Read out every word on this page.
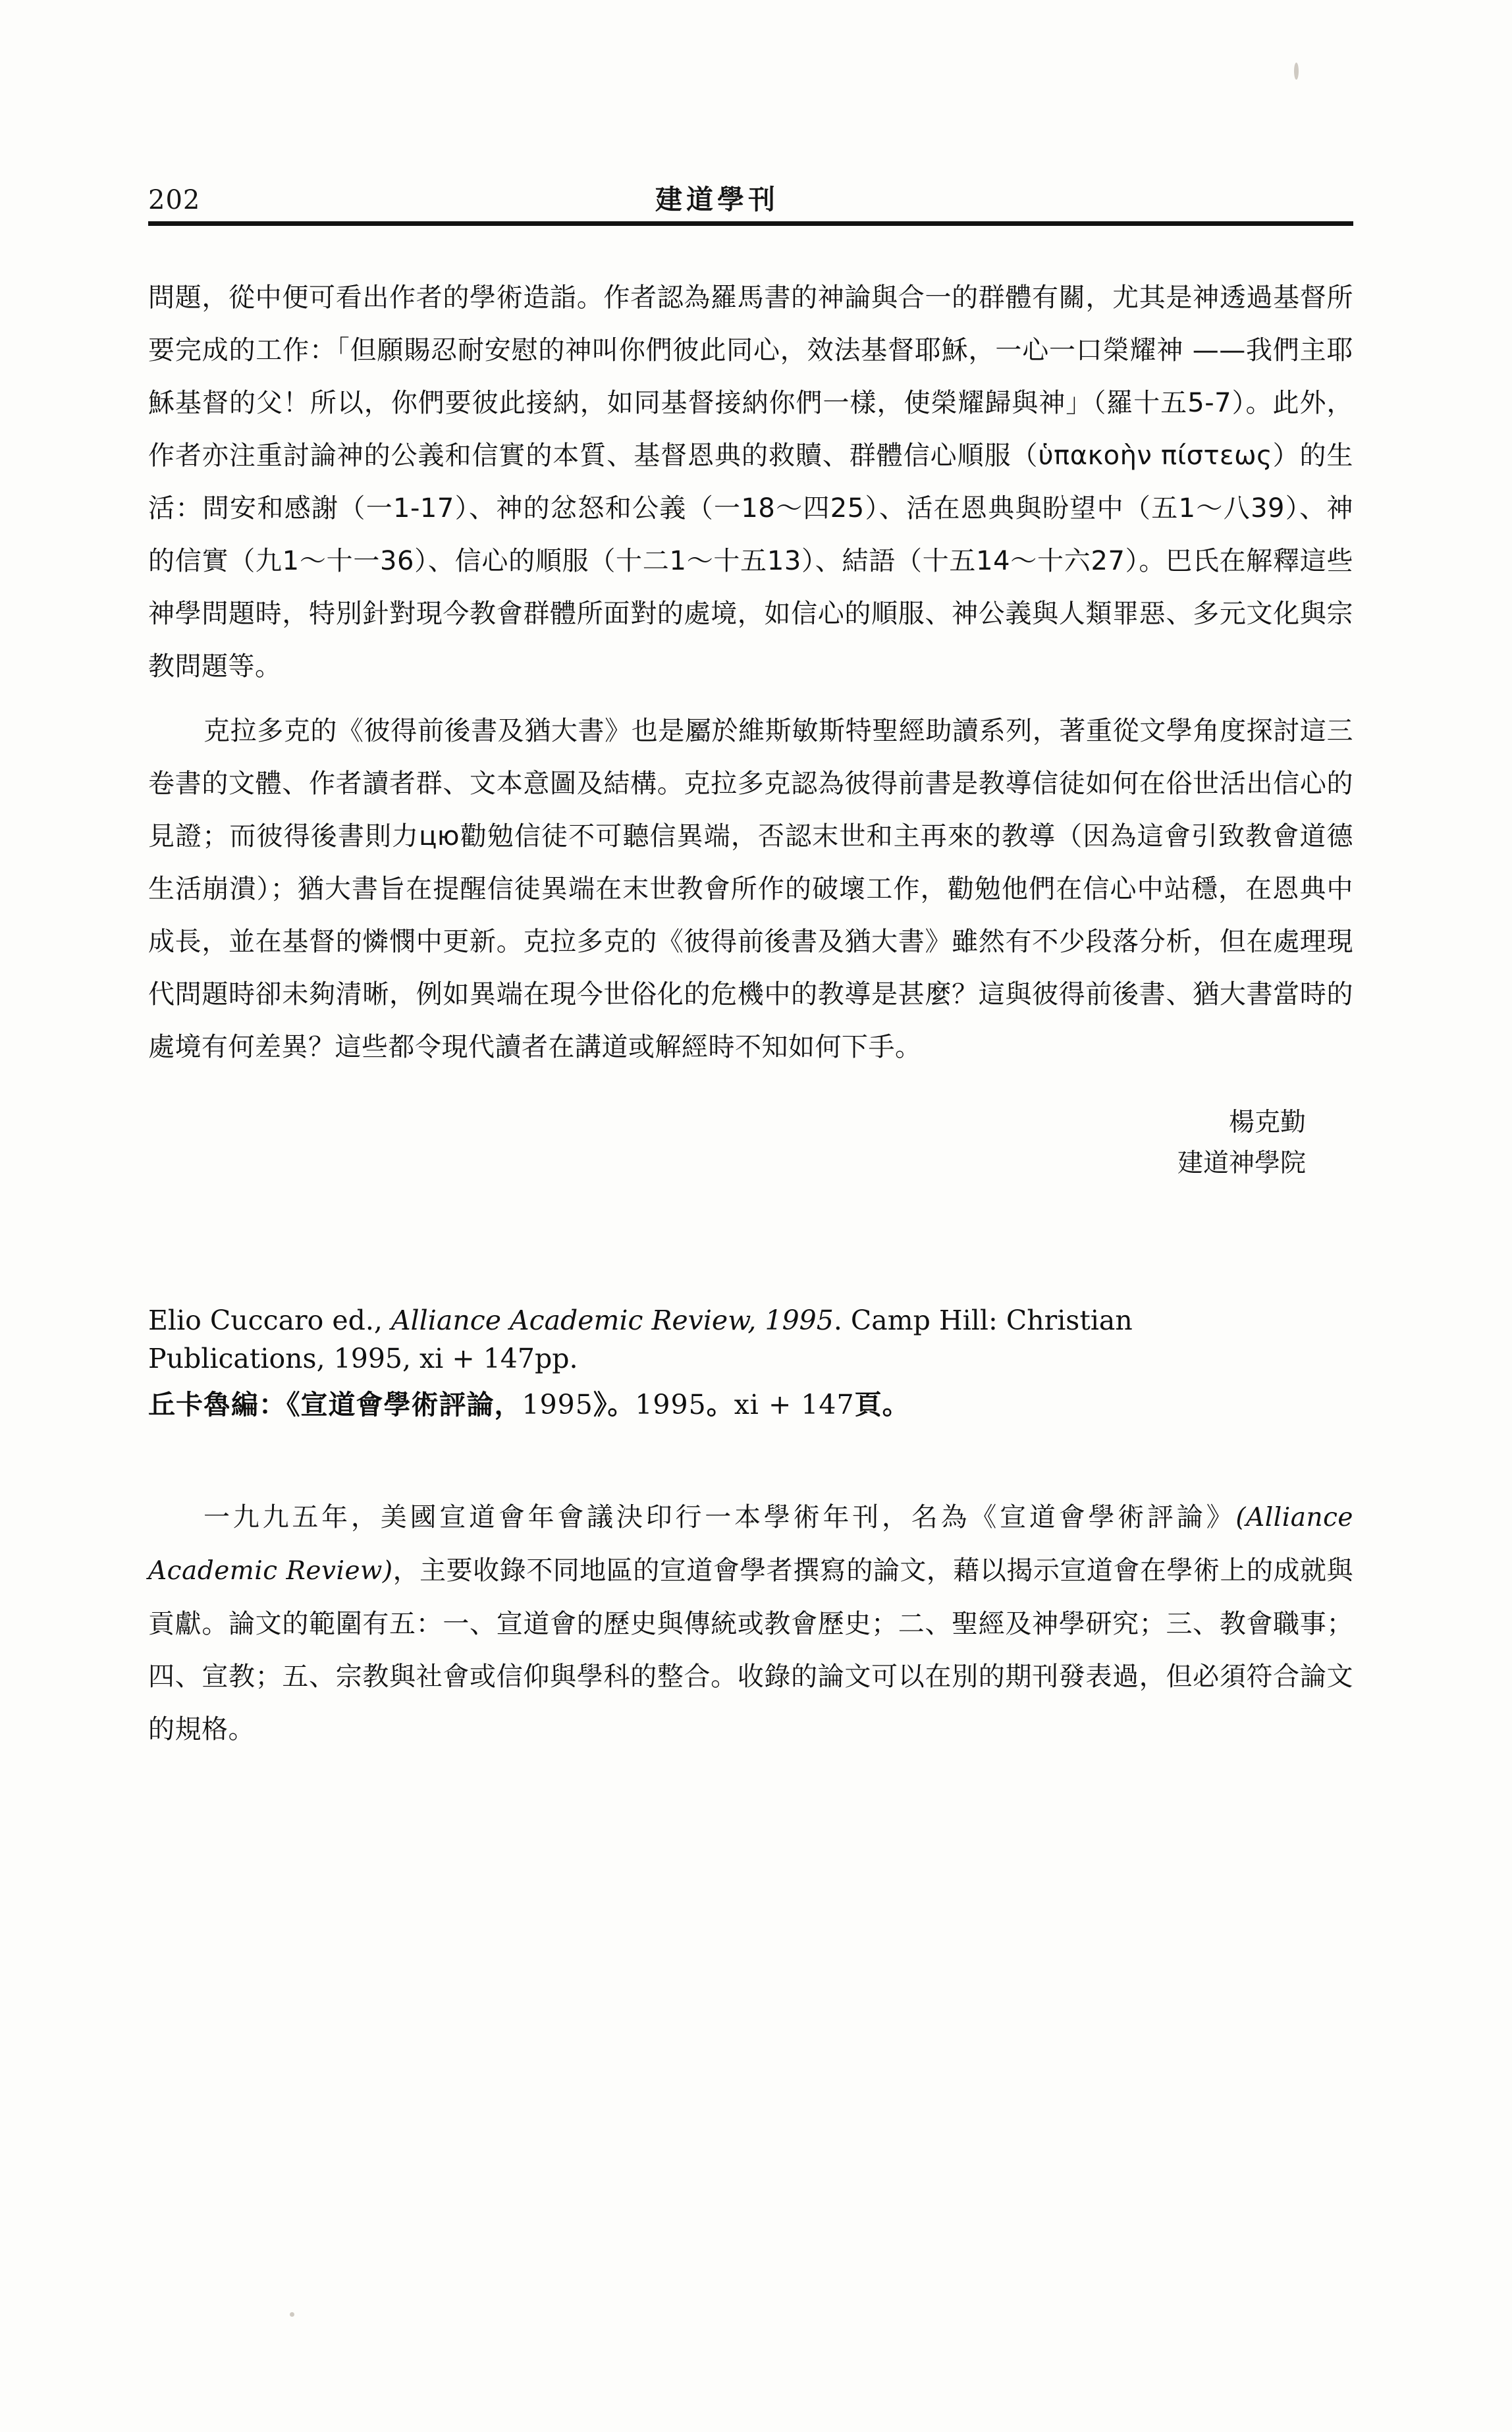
202	建道學刊

問題，從中便可看出作者的學術造詣。作者認為羅馬書的神論與合一的群體有關，尤其是神透過基督所要完成的工作：「但願賜忍耐安慰的神叫你們彼此同心，效法基督耶穌，一心一口榮耀神 ——我們主耶穌基督的父！所以，你們要彼此接納，如同基督接納你們一樣，使榮耀歸與神」（羅十五5-7）。此外，作者亦注重討論神的公義和信實的本質、基督恩典的救贖、群體信心順服（ὑπακοὴν πίστεως）的生活：問安和感謝（一1-17）、神的忿怒和公義（一18～四25）、活在恩典與盼望中（五1～八39）、神的信實（九1～十一36）、信心的順服（十二1～十五13）、結語（十五14～十六27）。巴氏在解釋這些神學問題時，特別針對現今教會群體所面對的處境，如信心的順服、神公義與人類罪惡、多元文化與宗教問題等。

克拉多克的《彼得前後書及猶大書》也是屬於維斯敏斯特聖經助讀系列，著重從文學角度探討這三卷書的文體、作者讀者群、文本意圖及結構。克拉多克認為彼得前書是教導信徒如何在俗世活出信心的見證；而彼得後書則力цю勸勉信徒不可聽信異端，否認末世和主再來的教導（因為這會引致教會道德生活崩潰）；猶大書旨在提醒信徒異端在末世教會所作的破壞工作，勸勉他們在信心中站穩，在恩典中成長，並在基督的憐憫中更新。克拉多克的《彼得前後書及猶大書》雖然有不少段落分析，但在處理現代問題時卻未夠清晰，例如異端在現今世俗化的危機中的教導是甚麼？這與彼得前後書、猶大書當時的處境有何差異？這些都令現代讀者在講道或解經時不知如何下手。

楊克勤
建道神學院
Elio Cuccaro ed., Alliance Academic Review, 1995. Camp Hill: Christian
Publications, 1995, xi + 147pp.
丘卡魯編：《宣道會學術評論，1995》。1995。xi + 147頁。

一九九五年，美國宣道會年會議決印行一本學術年刊，名為《宣道會學術評論》(Alliance Academic Review)，主要收錄不同地區的宣道會學者撰寫的論文，藉以揭示宣道會在學術上的成就與貢獻。論文的範圍有五：一、宣道會的歷史與傳統或教會歷史；二、聖經及神學研究；三、教會職事；四、宣教；五、宗教與社會或信仰與學科的整合。收錄的論文可以在別的期刊發表過，但必須符合論文的規格。
